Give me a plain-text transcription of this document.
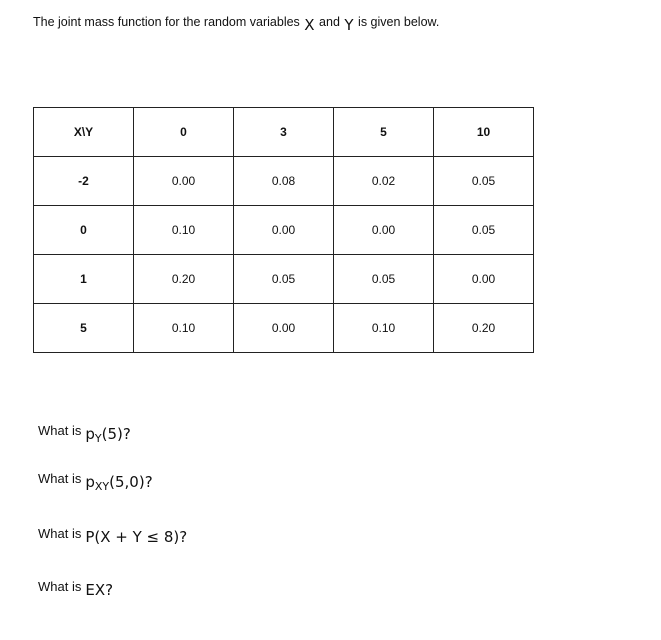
The joint mass function for the random variables X and Y is given below.
X\Y	0	3	5	10
-2	0.00	0.08	0.02	0.05
0	0.10	0.00	0.00	0.05
1	0.20	0.05	0.05	0.00
5	0.10	0.00	0.10	0.20
What is $p_Y(5)$?
What is $p_{XY}(5,0)$?
What is P(X + Y ≤ 8)?
What is EX?
